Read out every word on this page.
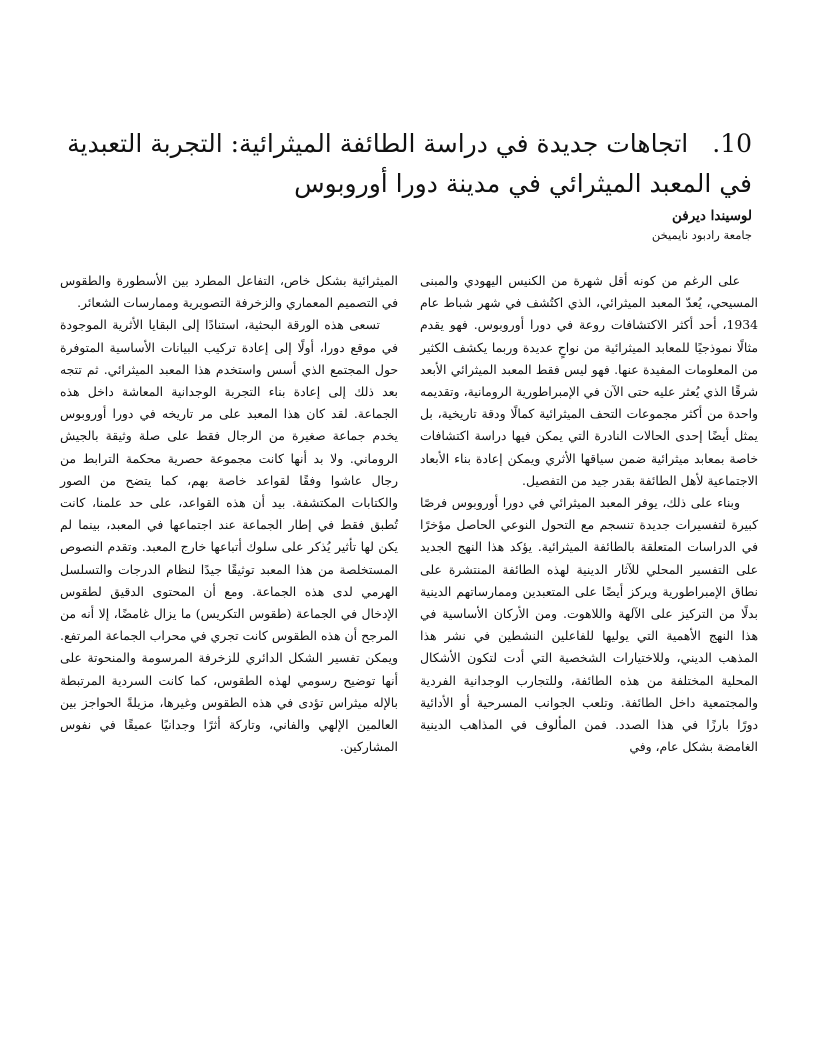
10.اتجاهات جديدة في دراسة الطائفة الميثرائية: التجربة التعبدية في المعبد الميثرائي في مدينة دورا أوروبوس
لوسيندا ديرفن
جامعة رادبود نايميخن

على الرغم من كونه أقل شهرة من الكنيس اليهودي والمبنى المسيحي، يُعدّ المعبد الميثرائي، الذي اكتُشف في شهر شباط عام 1934، أحد أكثر الاكتشافات روعة في دورا أوروبوس. فهو يقدم مثالًا نموذجيًا للمعابد الميثرائية من نواحٍ عديدة وربما يكشف الكثير من المعلومات المفيدة عنها. فهو ليس فقط المعبد الميثرائي الأبعد شرقًا الذي يُعثر عليه حتى الآن في الإمبراطورية الرومانية، وتقديمه واحدة من أكثر مجموعات التحف الميثرائية كمالًا ودقة تاريخية، بل يمثل أيضًا إحدى الحالات النادرة التي يمكن فيها دراسة اكتشافات خاصة بمعابد ميثرائية ضمن سياقها الأثري ويمكن إعادة بناء الأبعاد الاجتماعية لأهل الطائفة بقدر جيد من التفصيل.

وبناء على ذلك، يوفر المعبد الميثرائي في دورا أوروبوس فرصًا كبيرة لتفسيرات جديدة تنسجم مع التحول النوعي الحاصل مؤخرًا في الدراسات المتعلقة بالطائفة الميثرائية. يؤكد هذا النهج الجديد على التفسير المحلي للآثار الدينية لهذه الطائفة المنتشرة على نطاق الإمبراطورية ويركز أيضًا على المتعبدين وممارساتهم الدينية بدلًا من التركيز على الآلهة واللاهوت. ومن الأركان الأساسية في هذا النهج الأهمية التي يوليها للفاعلين النشطين في نشر هذا المذهب الديني، وللاختيارات الشخصية التي أدت لتكون الأشكال المحلية المختلفة من هذه الطائفة، وللتجارب الوجدانية الفردية والمجتمعية داخل الطائفة. وتلعب الجوانب المسرحية أو الأدائية دورًا بارزًا في هذا الصدد. فمن المألوف في المذاهب الدينية الغامضة بشكل عام، وفي

الميثرائية بشكل خاص، التفاعل المطرد بين الأسطورة والطقوس في التصميم المعماري والزخرفة التصويرية وممارسات الشعائر.

تسعى هذه الورقة البحثية، استنادًا إلى البقايا الأثرية الموجودة في موقع دورا، أولًا إلى إعادة تركيب البيانات الأساسية المتوفرة حول المجتمع الذي أسس واستخدم هذا المعبد الميثرائي. ثم تتجه بعد ذلك إلى إعادة بناء التجربة الوجدانية المعاشة داخل هذه الجماعة. لقد كان هذا المعبد على مر تاريخه في دورا أوروبوس يخدم جماعة صغيرة من الرجال فقط على صلة وثيقة بالجيش الروماني. ولا بد أنها كانت مجموعة حصرية محكمة الترابط من رجال عاشوا وفقًا لقواعد خاصة بهم، كما يتضح من الصور والكتابات المكتشفة. بيد أن هذه القواعد، على حد علمنا، كانت تُطبق فقط في إطار الجماعة عند اجتماعها في المعبد، بينما لم يكن لها تأثير يُذكر على سلوك أتباعها خارج المعبد. وتقدم النصوص المستخلصة من هذا المعبد توثيقًا جيدًا لنظام الدرجات والتسلسل الهرمي لدى هذه الجماعة. ومع أن المحتوى الدقيق لطقوس الإدخال في الجماعة (طقوس التكريس) ما يزال غامضًا، إلا أنه من المرجح أن هذه الطقوس كانت تجري في محراب الجماعة المرتفع. ويمكن تفسير الشكل الدائري للزخرفة المرسومة والمنحوتة على أنها توضيح رسومي لهذه الطقوس، كما كانت السردية المرتبطة بالإله ميثراس تؤدى في هذه الطقوس وغيرها، مزيلةً الحواجز بين العالمين الإلهي والفاني، وتاركة أثرًا وجدانيًا عميقًا في نفوس المشاركين.
